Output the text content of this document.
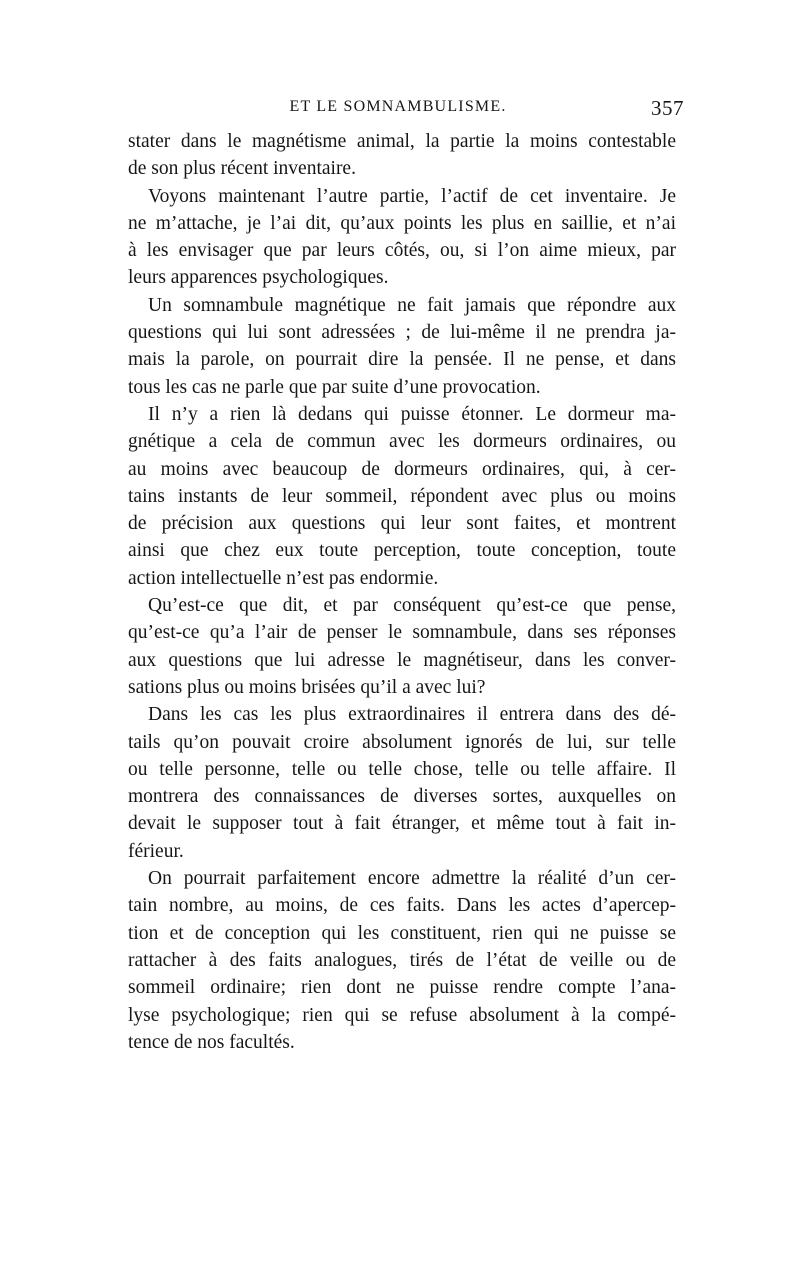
ET LE SOMNAMBULISME.	357
stater dans le magnétisme animal, la partie la moins contestable
de son plus récent inventaire.
Voyons maintenant l’autre partie, l’actif de cet inventaire. Je
ne m’attache, je l’ai dit, qu’aux points les plus en saillie, et n’ai
à les envisager que par leurs côtés, ou, si l’on aime mieux, par
leurs apparences psychologiques.
Un somnambule magnétique ne fait jamais que répondre aux
questions qui lui sont adressées ; de lui-même il ne prendra ja-
mais la parole, on pourrait dire la pensée. Il ne pense, et dans
tous les cas ne parle que par suite d’une provocation.
Il n’y a rien là dedans qui puisse étonner. Le dormeur ma-
gnétique a cela de commun avec les dormeurs ordinaires, ou
au moins avec beaucoup de dormeurs ordinaires, qui, à cer-
tains instants de leur sommeil, répondent avec plus ou moins
de précision aux questions qui leur sont faites, et montrent
ainsi que chez eux toute perception, toute conception, toute
action intellectuelle n’est pas endormie.
Qu’est-ce que dit, et par conséquent qu’est-ce que pense,
qu’est-ce qu’a l’air de penser le somnambule, dans ses réponses
aux questions que lui adresse le magnétiseur, dans les conver-
sations plus ou moins brisées qu’il a avec lui?
Dans les cas les plus extraordinaires il entrera dans des dé-
tails qu’on pouvait croire absolument ignorés de lui, sur telle
ou telle personne, telle ou telle chose, telle ou telle affaire. Il
montrera des connaissances de diverses sortes, auxquelles on
devait le supposer tout à fait étranger, et même tout à fait in-
férieur.
On pourrait parfaitement encore admettre la réalité d’un cer-
tain nombre, au moins, de ces faits. Dans les actes d’apercep-
tion et de conception qui les constituent, rien qui ne puisse se
rattacher à des faits analogues, tirés de l’état de veille ou de
sommeil ordinaire; rien dont ne puisse rendre compte l’ana-
lyse psychologique; rien qui se refuse absolument à la compé-
tence de nos facultés.
